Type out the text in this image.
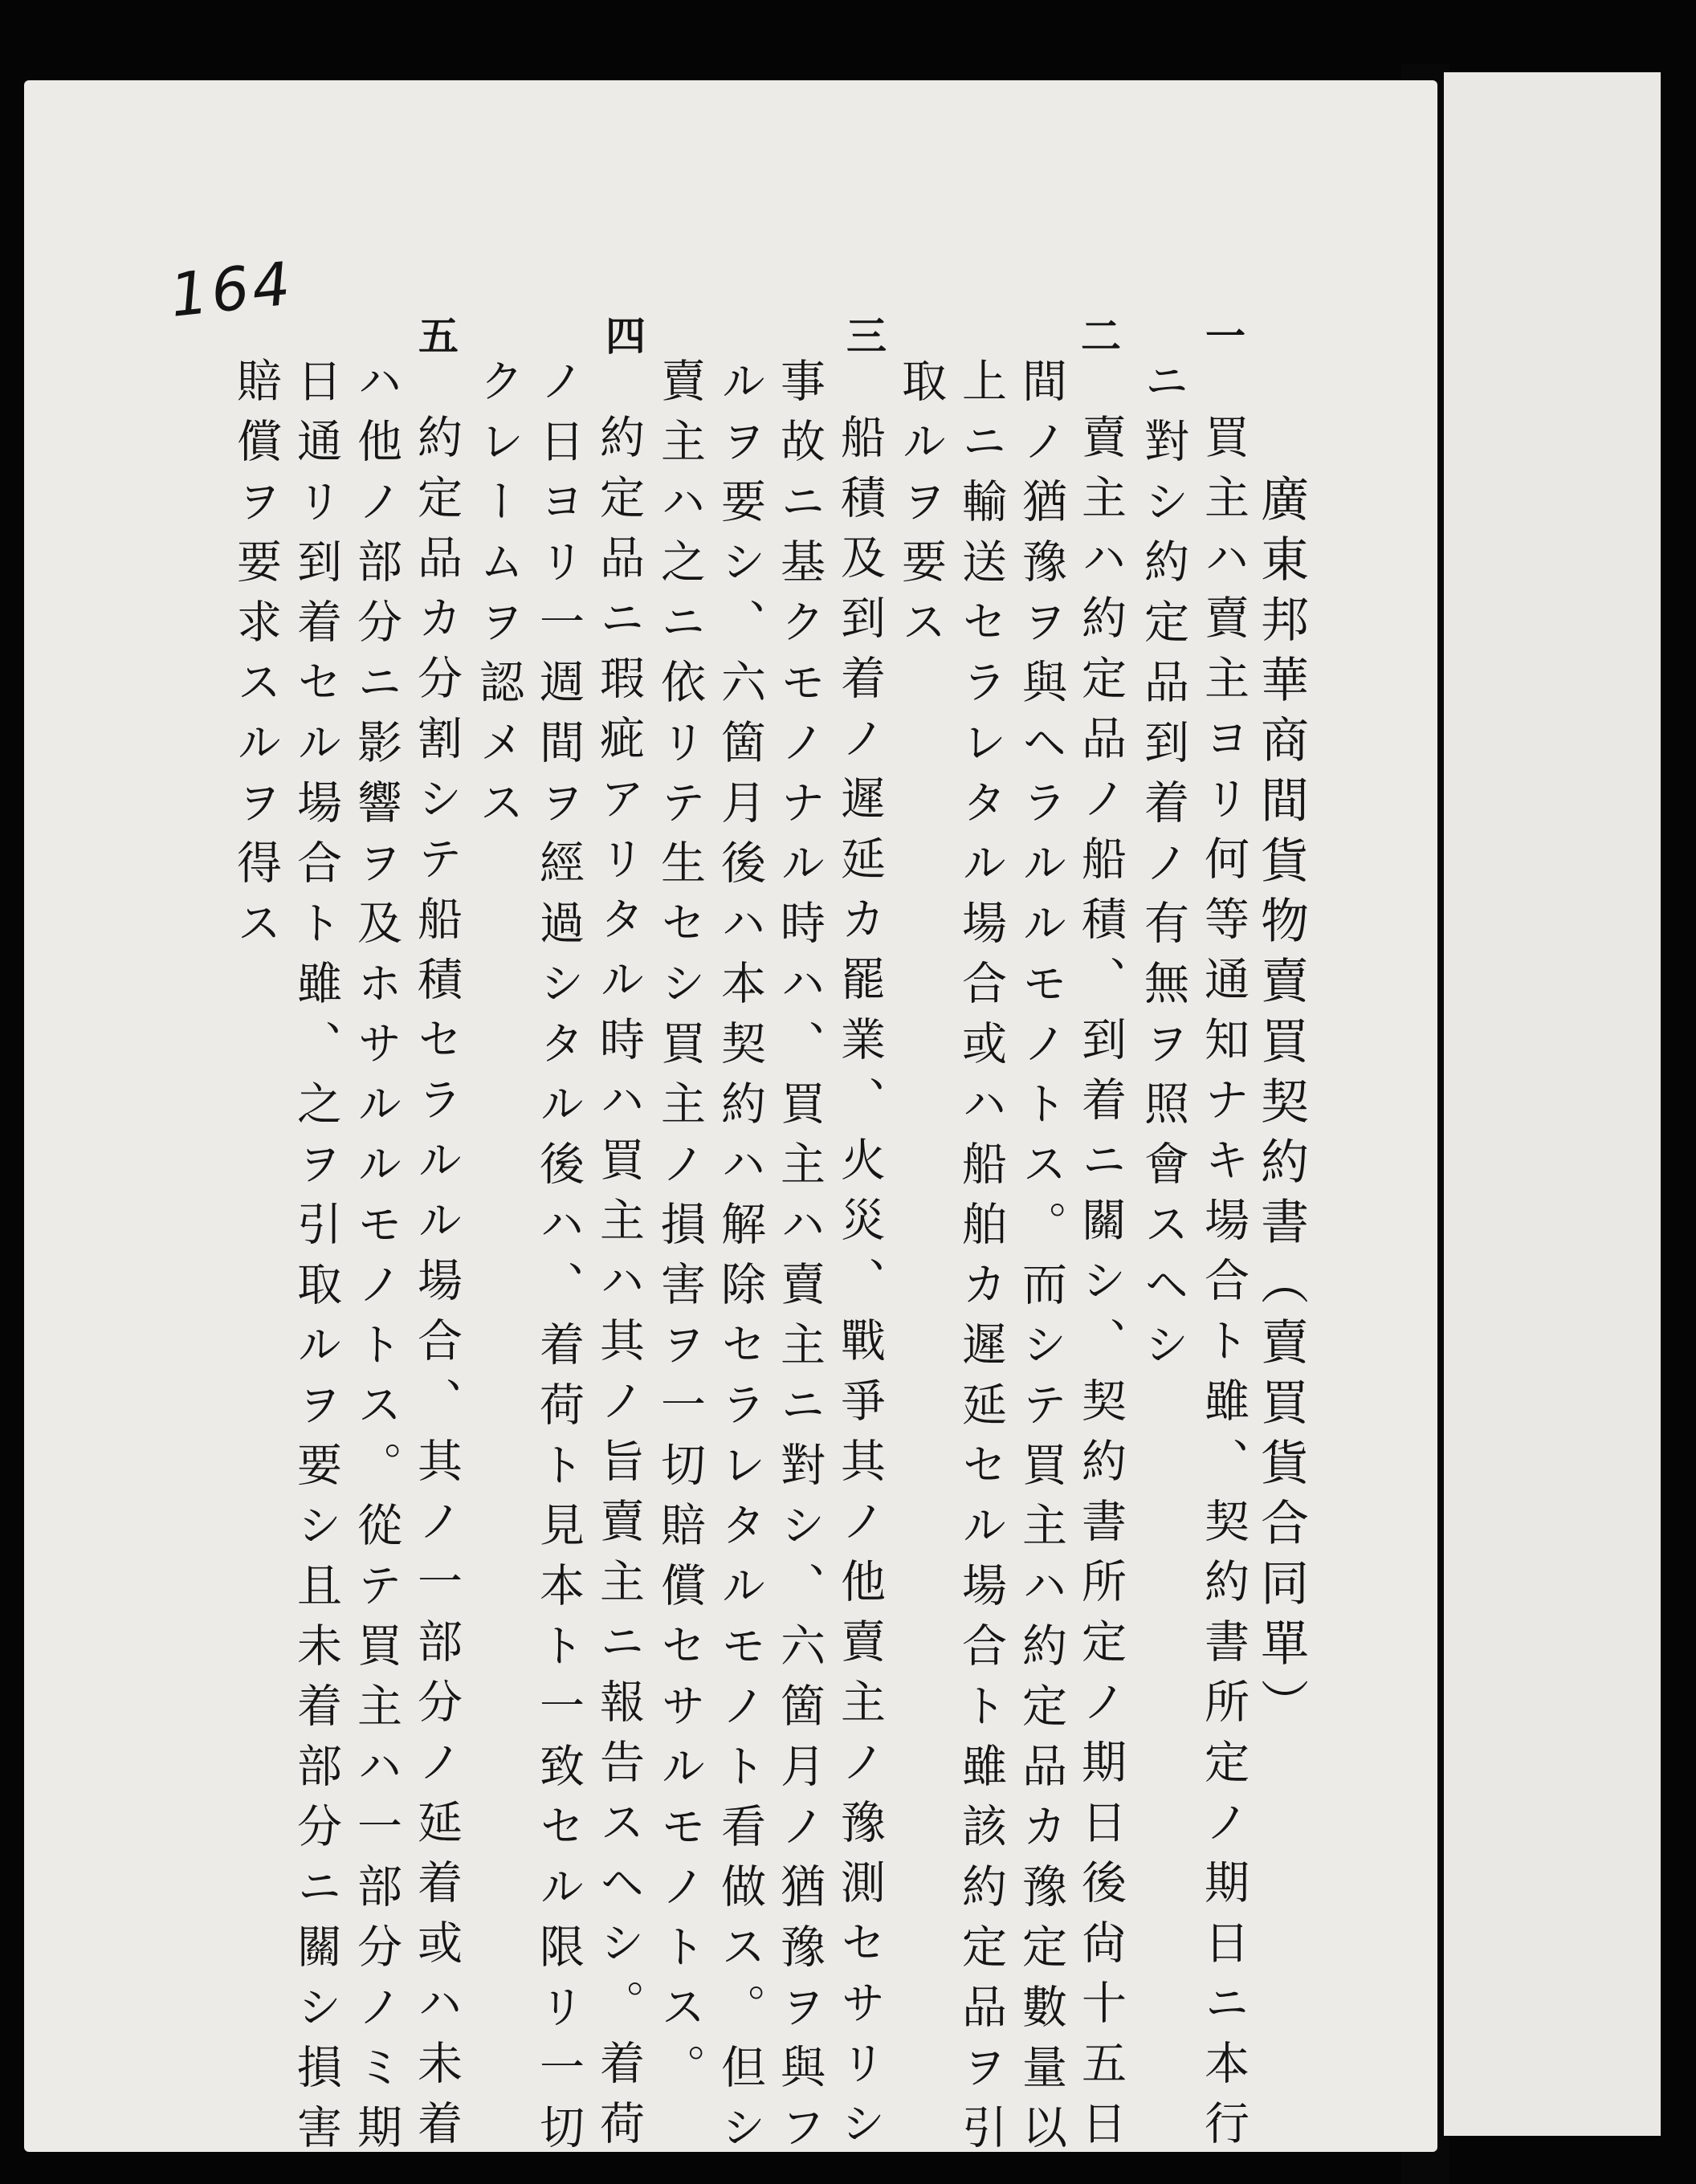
164
廣東邦華商間貨物賣買契約書（賣買貨合同單）
一
買主ハ賣主ヨリ何等通知ナキ場合ト雖、契約書所定ノ期日ニ本行
ニ對シ約定品到着ノ有無ヲ照會スヘシ
二
賣主ハ約定品ノ船積、到着ニ關シ、契約書所定ノ期日後尙十五日
間ノ猶豫ヲ與ヘラルルモノトス。而シテ買主ハ約定品カ豫定數量以
上ニ輸送セラレタル場合或ハ船舶カ遲延セル場合ト雖該約定品ヲ引
取ルヲ要ス
三
船積及到着ノ遲延カ罷業、火災、戰爭其ノ他賣主ノ豫測セサリシ
事故ニ基クモノナル時ハ、買主ハ賣主ニ對シ、六箇月ノ猶豫ヲ與フ
ルヲ要シ、六箇月後ハ本契約ハ解除セラレタルモノト看做ス。但シ
賣主ハ之ニ依リテ生セシ買主ノ損害ヲ一切賠償セサルモノトス。
四
約定品ニ瑕疵アリタル時ハ買主ハ其ノ旨賣主ニ報告スヘシ。着荷
ノ日ヨリ一週間ヲ經過シタル後ハ、着荷ト見本ト一致セル限リ一切
クレームヲ認メス
五
約定品カ分割シテ船積セラルル場合、其ノ一部分ノ延着或ハ未着
ハ他ノ部分ニ影響ヲ及ホサルルモノトス。從テ買主ハ一部分ノミ期
日通リ到着セル場合ト雖、之ヲ引取ルヲ要シ且未着部分ニ關シ損害
賠償ヲ要求スルヲ得ス
